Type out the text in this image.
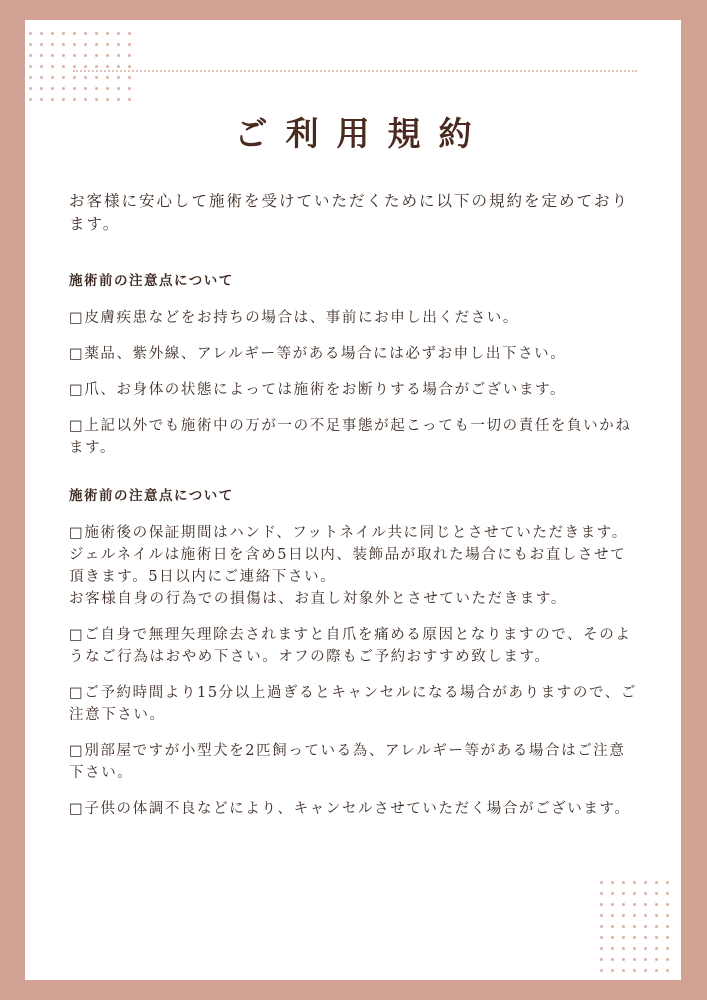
ご利用規約

お客様に安心して施術を受けていただくために以下の規約を定めております。

施術前の注意点について
□皮膚疾患などをお持ちの場合は、事前にお申し出ください。
□薬品、紫外線、アレルギー等がある場合には必ずお申し出下さい。
□爪、お身体の状態によっては施術をお断りする場合がございます。
□上記以外でも施術中の万が一の不足事態が起こっても一切の責任を負いかねます。
施術前の注意点について
□施術後の保証期間はハンド、フットネイル共に同じとさせていただきます。ジェルネイルは施術日を含め5日以内、装飾品が取れた場合にもお直しさせて頂きます。5日以内にご連絡下さい。
お客様自身の行為での損傷は、お直し対象外とさせていただきます。
□ご自身で無理矢理除去されますと自爪を痛める原因となりますので、そのようなご行為はおやめ下さい。オフの際もご予約おすすめ致します。
□ご予約時間より15分以上過ぎるとキャンセルになる場合がありますので、ご注意下さい。
□別部屋ですが小型犬を2匹飼っている為、アレルギー等がある場合はご注意下さい。
□子供の体調不良などにより、キャンセルさせていただく場合がございます。
